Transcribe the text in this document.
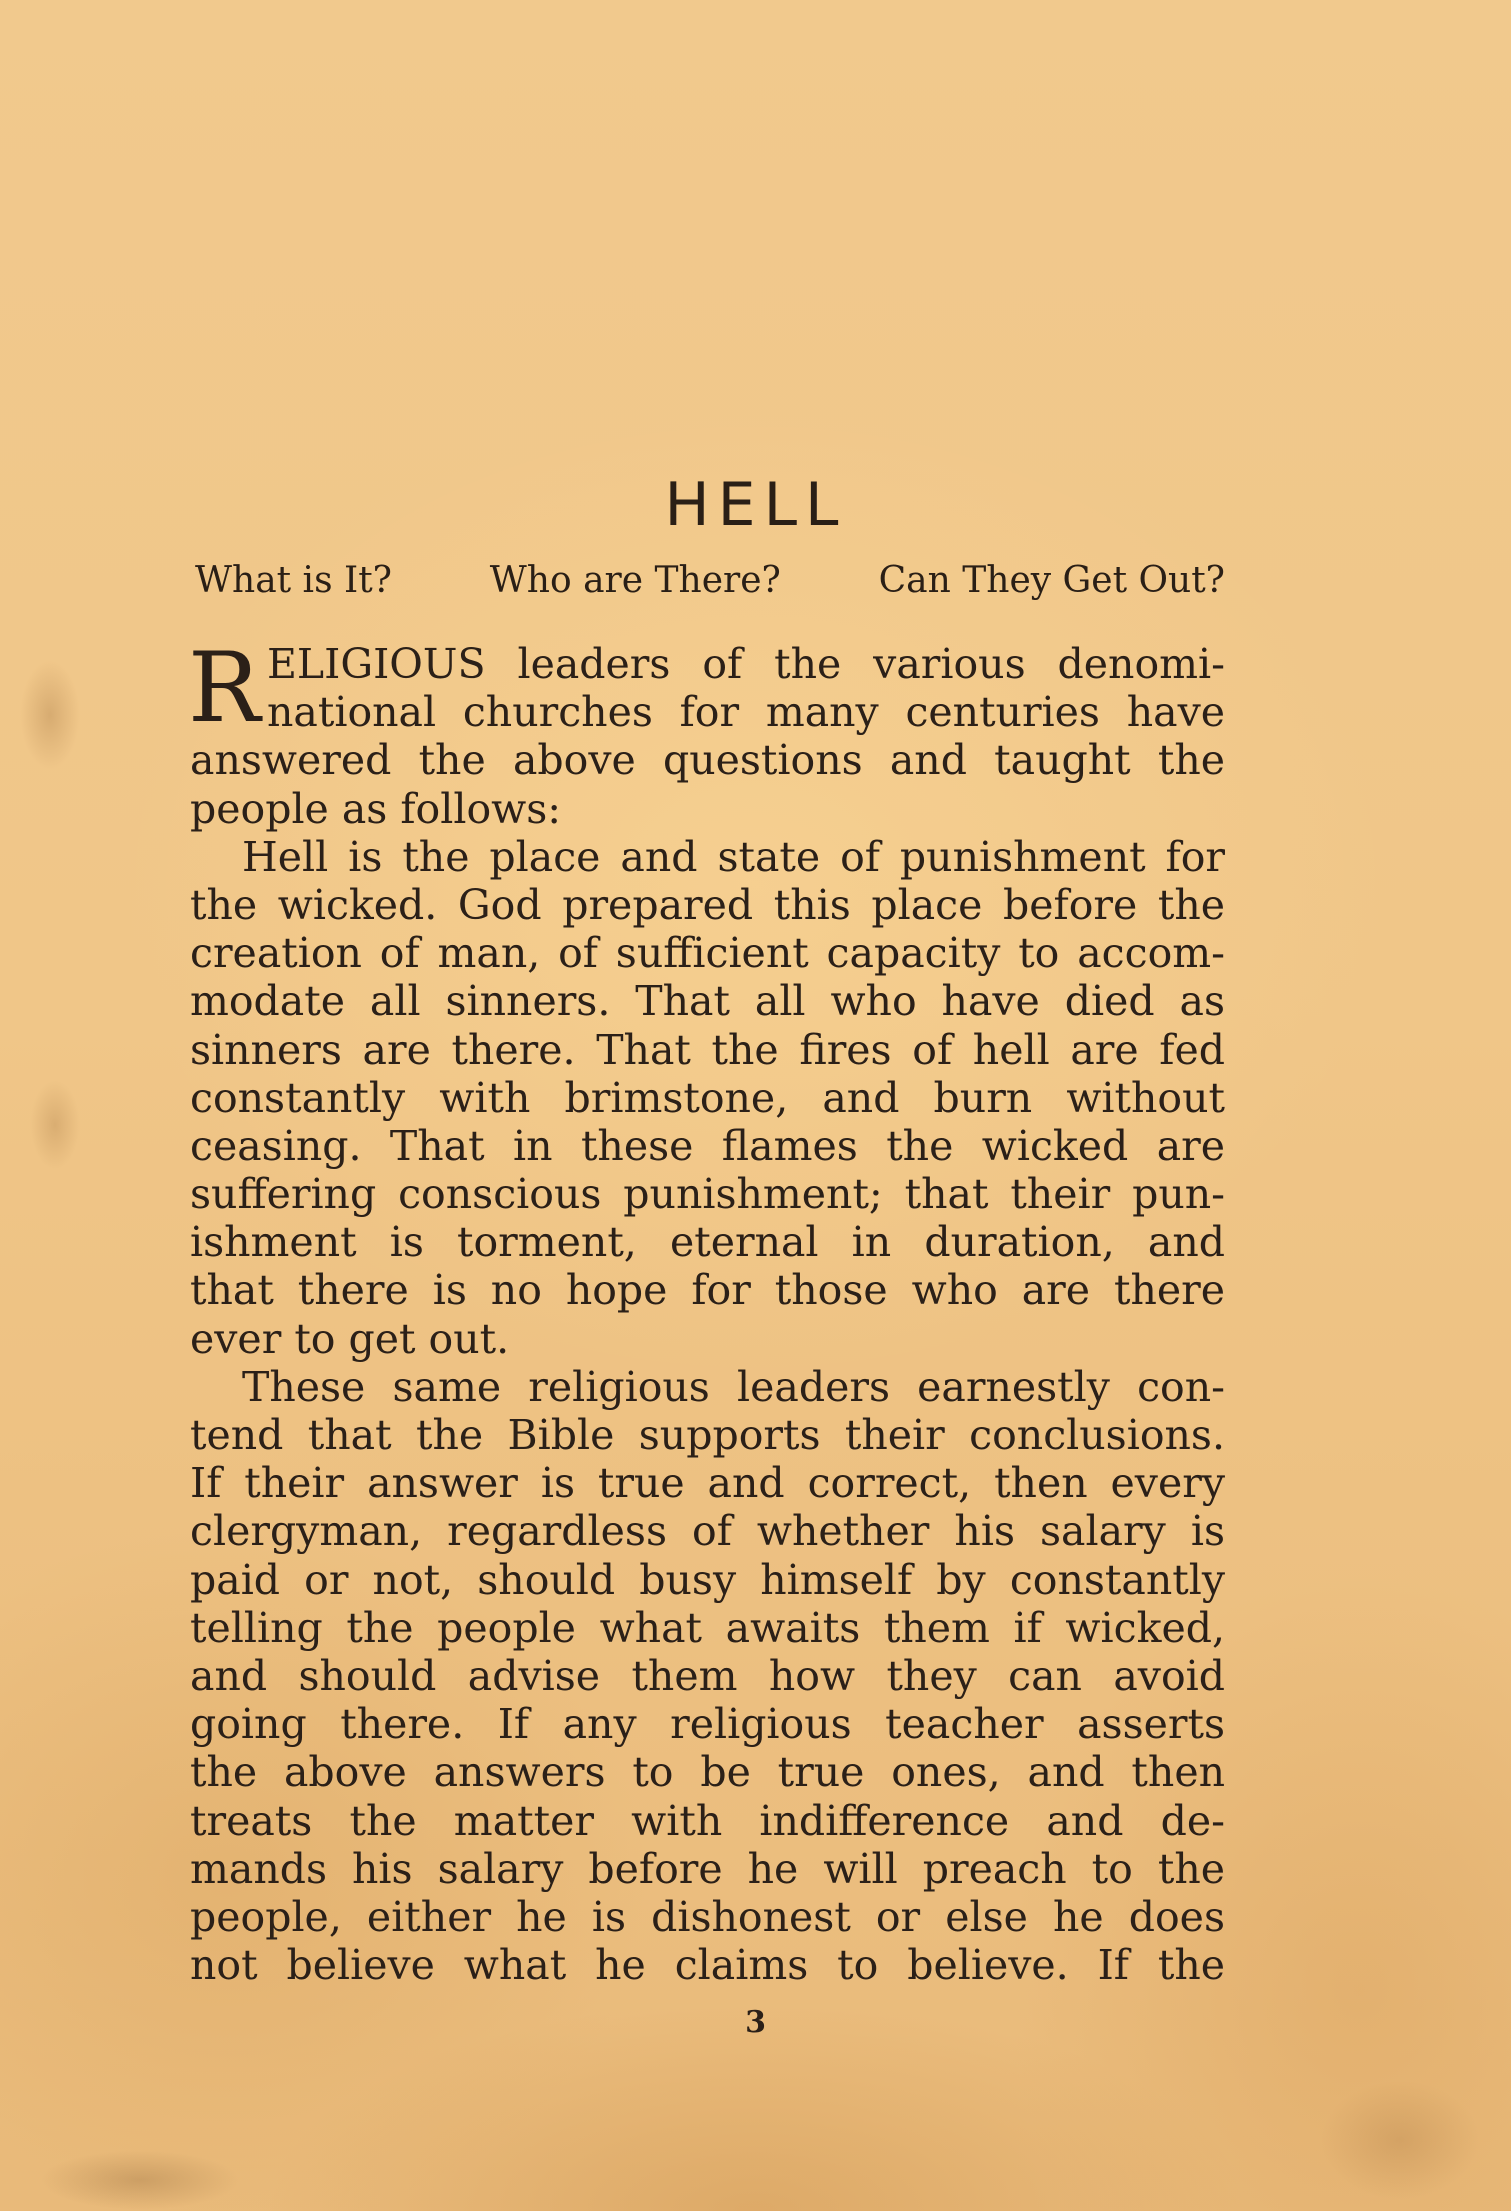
HELL
What is It?	Who are There?	Can They Get Out?
R ELIGIOUS leaders of the various denomi-
national churches for many centuries have
answered the above questions and taught the
people as follows:
Hell is the place and state of punishment for
the wicked. God prepared this place before the
creation of man, of sufficient capacity to accom-
modate all sinners. That all who have died as
sinners are there. That the fires of hell are fed
constantly with brimstone, and burn without
ceasing. That in these flames the wicked are
suffering conscious punishment; that their pun-
ishment is torment, eternal in duration, and
that there is no hope for those who are there
ever to get out.
These same religious leaders earnestly con-
tend that the Bible supports their conclusions.
If their answer is true and correct, then every
clergyman, regardless of whether his salary is
paid or not, should busy himself by constantly
telling the people what awaits them if wicked,
and should advise them how they can avoid
going there. If any religious teacher asserts
the above answers to be true ones, and then
treats the matter with indifference and de-
mands his salary before he will preach to the
people, either he is dishonest or else he does
not believe what he claims to believe. If the
3
